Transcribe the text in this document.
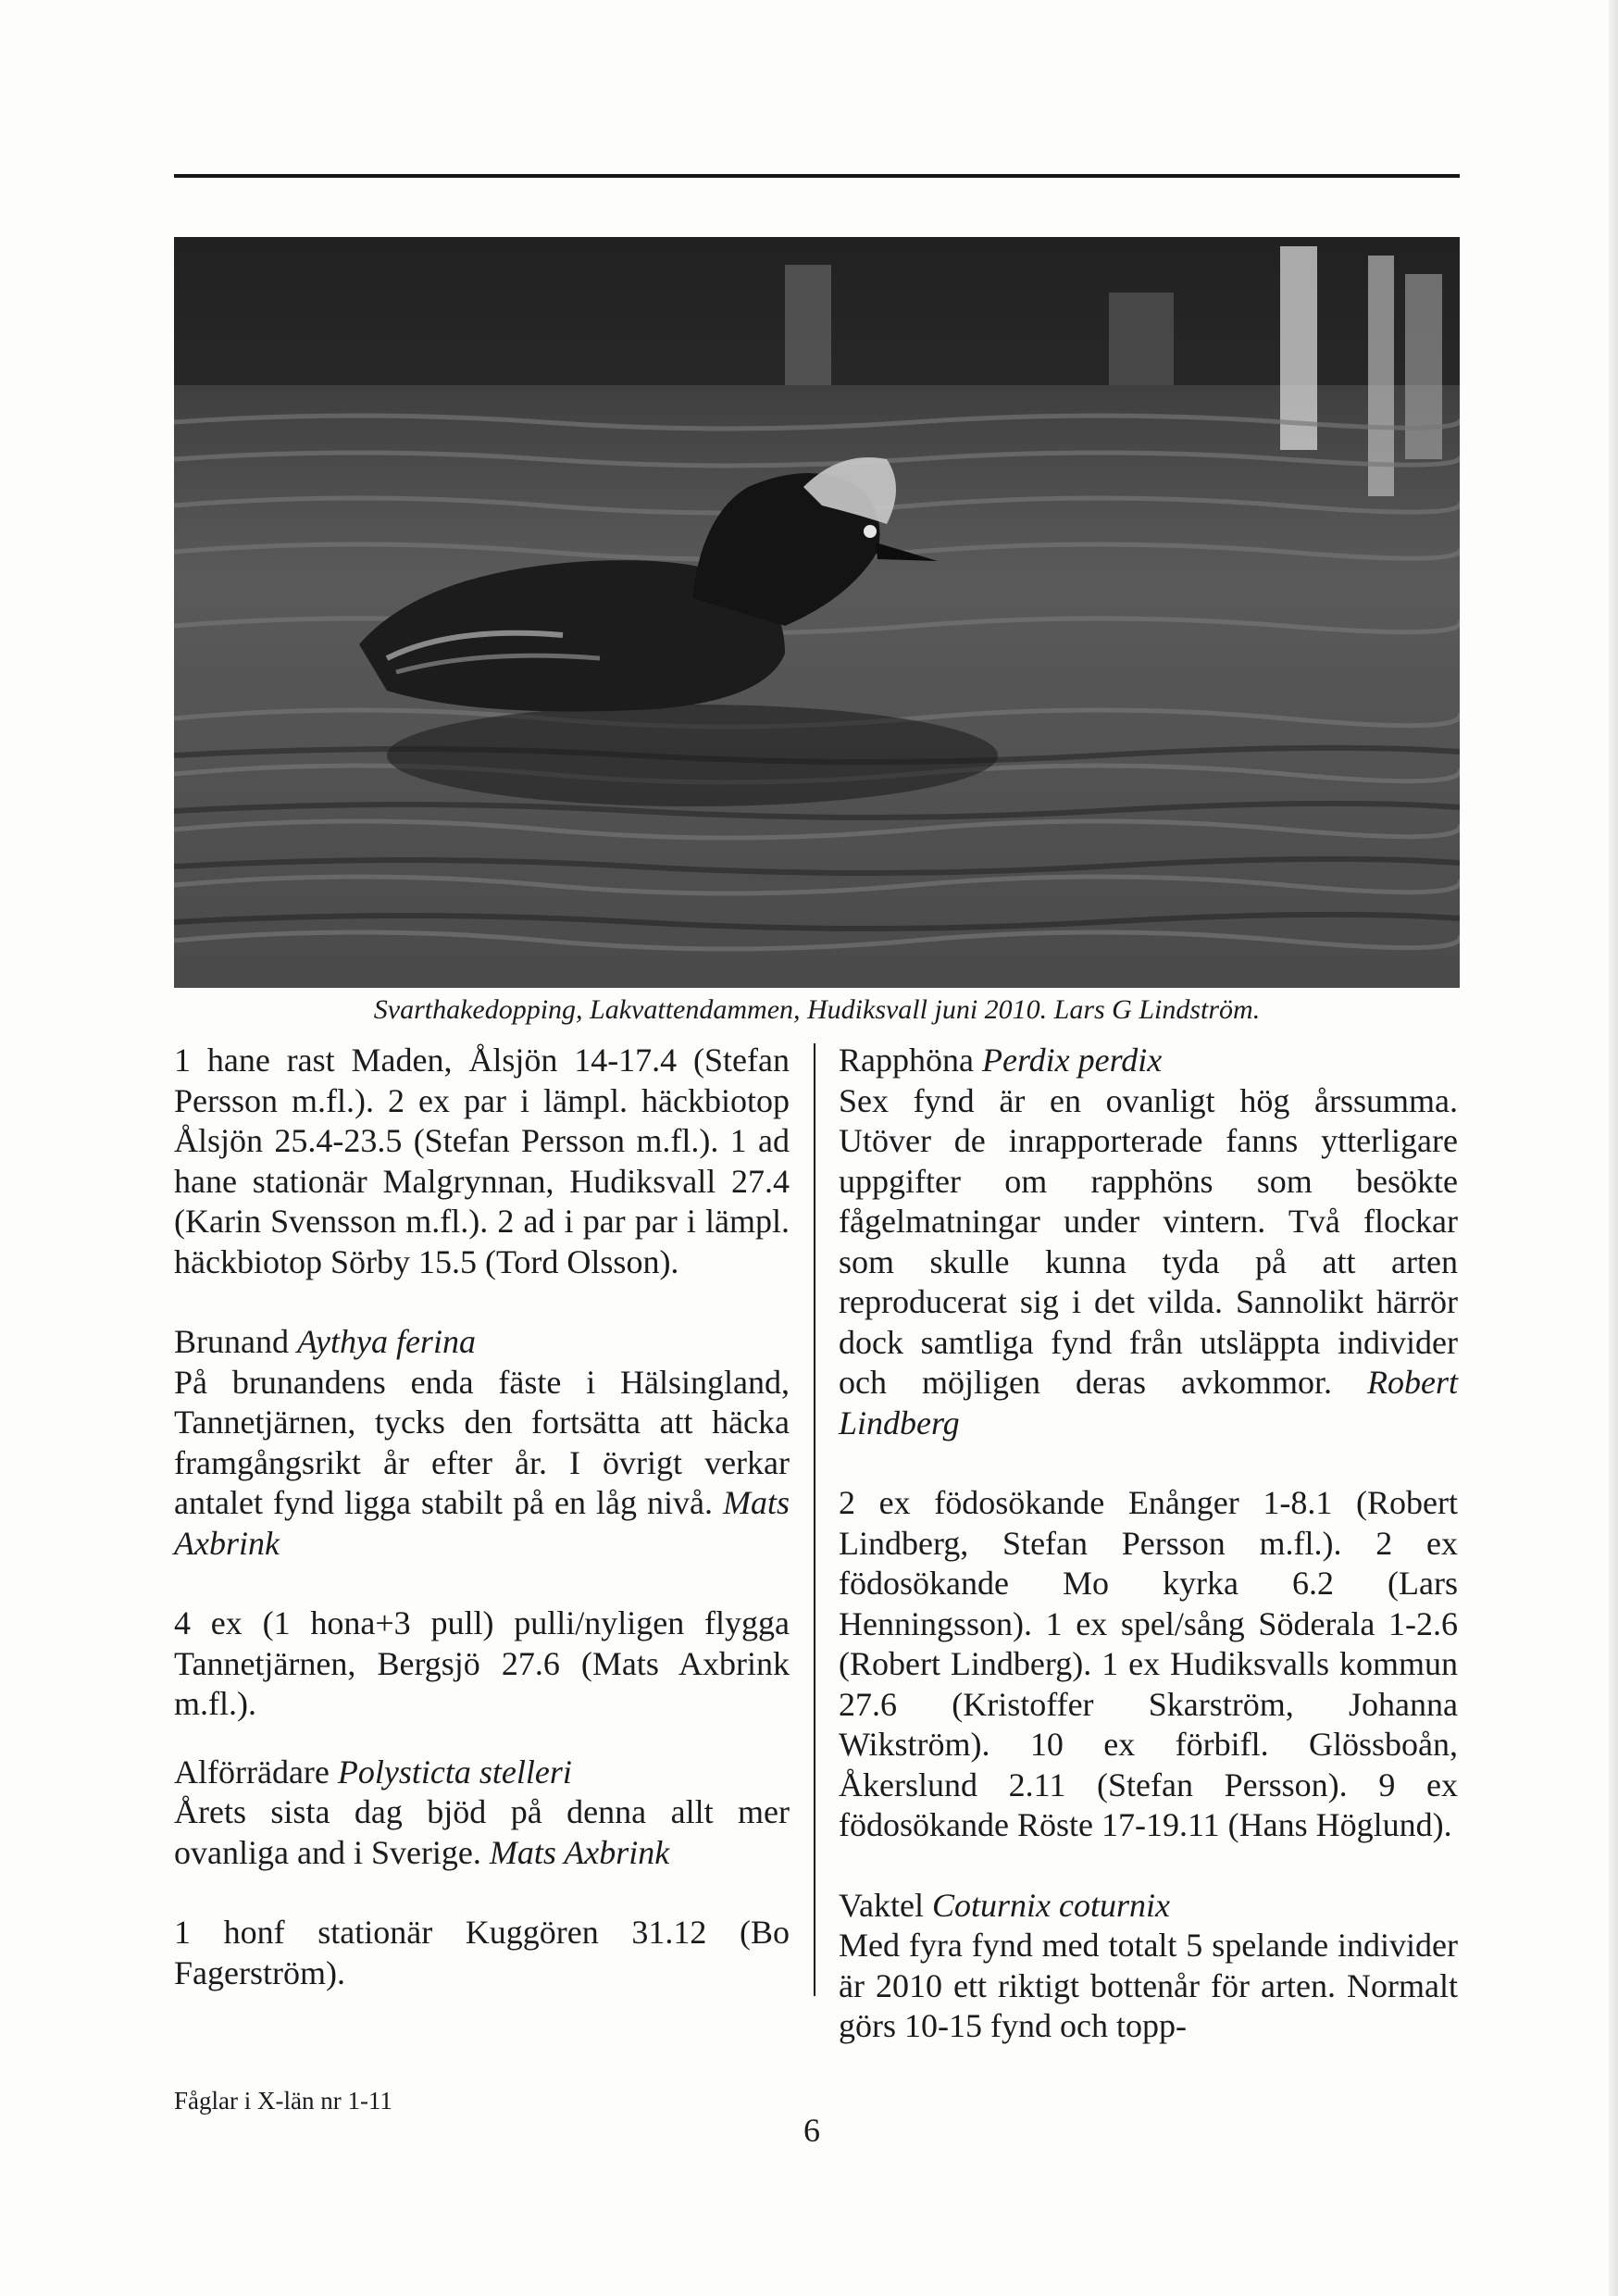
Svarthakedopping, Lakvattendammen, Hudiksvall juni 2010. Lars G Lindström.

1 hane rast Maden, Ålsjön 14-17.4 (Stefan Persson m.fl.). 2 ex par i lämpl. häckbiotop Ålsjön 25.4-23.5 (Stefan Persson m.fl.). 1 ad hane stationär Malgrynnan, Hudiksvall 27.4 (Karin Svensson m.fl.). 2 ad i par par i lämpl. häckbiotop Sörby 15.5 (Tord Olsson).

Brunand Aythya ferina

På brunandens enda fäste i Hälsingland, Tannetjärnen, tycks den fortsätta att häcka framgångsrikt år efter år. I övrigt verkar antalet fynd ligga stabilt på en låg nivå. Mats Axbrink

4 ex (1 hona+3 pull) pulli/nyligen flygga Tannetjärnen, Bergsjö 27.6 (Mats Axbrink m.fl.).

Alförrädare Polysticta stelleri

Årets sista dag bjöd på denna allt mer ovanliga and i Sverige. Mats Axbrink

1 honf stationär Kuggören 31.12 (Bo Fagerström).

Rapphöna Perdix perdix

Sex fynd är en ovanligt hög årssumma. Utöver de inrapporterade fanns ytterligare uppgifter om rapphöns som besökte fågelmatningar under vintern. Två flockar som skulle kunna tyda på att arten reproducerat sig i det vilda. Sannolikt härrör dock samtliga fynd från utsläppta individer och möjligen deras avkommor. Robert Lindberg

2 ex födosökande Enånger 1-8.1 (Robert Lindberg, Stefan Persson m.fl.). 2 ex födosökande Mo kyrka 6.2 (Lars Henningsson). 1 ex spel/sång Söderala 1-2.6 (Robert Lindberg). 1 ex Hudiksvalls kommun 27.6 (Kristoffer Skarström, Johanna Wikström). 10 ex förbifl. Glössboån, Åkerslund 2.11 (Stefan Persson). 9 ex födosökande Röste 17-19.11 (Hans Höglund).

Vaktel Coturnix coturnix

Med fyra fynd med totalt 5 spelande individer är 2010 ett riktigt bottenår för arten. Normalt görs 10-15 fynd och topp-

Fåglar i X-län nr 1-11
6
